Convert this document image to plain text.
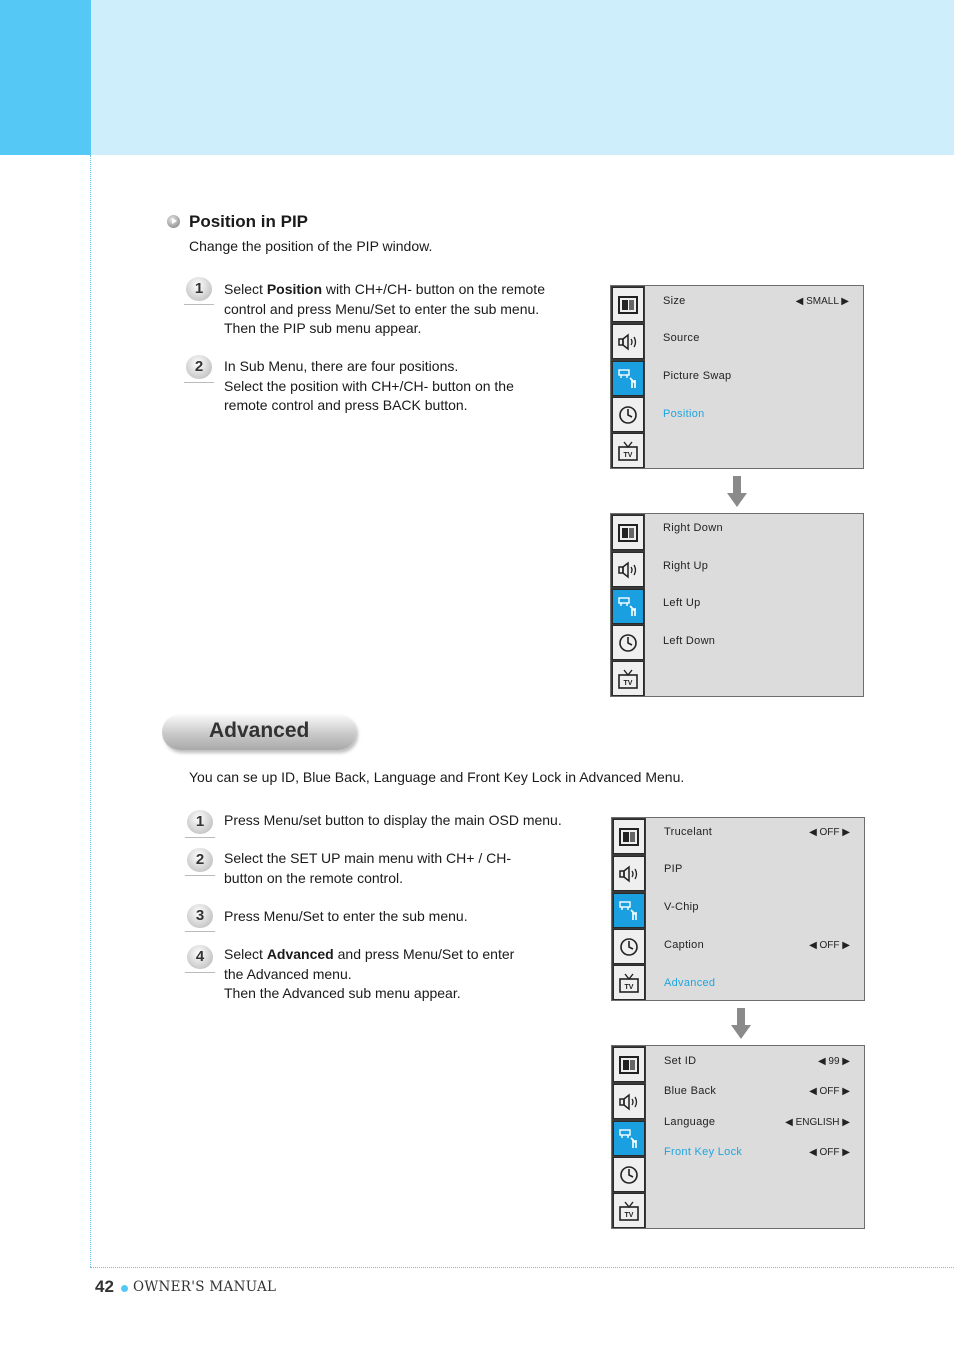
Position in PIP
Change the position of the PIP window.
1	Select Position with CH+/CH- button on the remote
control and press Menu/Set to enter the sub menu.
Then the PIP sub menu appear.
2	In Sub Menu, there are four positions.
Select the position with CH+/CH- button on the
remote control and press BACK button.
1	Press Menu/set button to display the main OSD menu.
2	Select the SET UP main menu with CH+ / CH-
button on the remote control.
3	Press Menu/Set to enter the sub menu.
4	Select Advanced and press Menu/Set to enter
the Advanced menu.
Then the Advanced sub menu appear.
TV
Size	◀ SMALL ▶
Source
Picture Swap
Position
TV
Right Down
Right Up
Left Up
Left Down
Advanced
You can se up ID, Blue Back, Language and Front Key Lock in Advanced Menu.
TV
Trucelant	◀ OFF ▶
PIP
V-Chip
Caption	◀ OFF ▶
Advanced
TV
Set ID	◀ 99 ▶
Blue Back	◀ OFF ▶
Language	◀ ENGLISH ▶
Front Key Lock	◀ OFF ▶
42 OWNER'S MANUAL
